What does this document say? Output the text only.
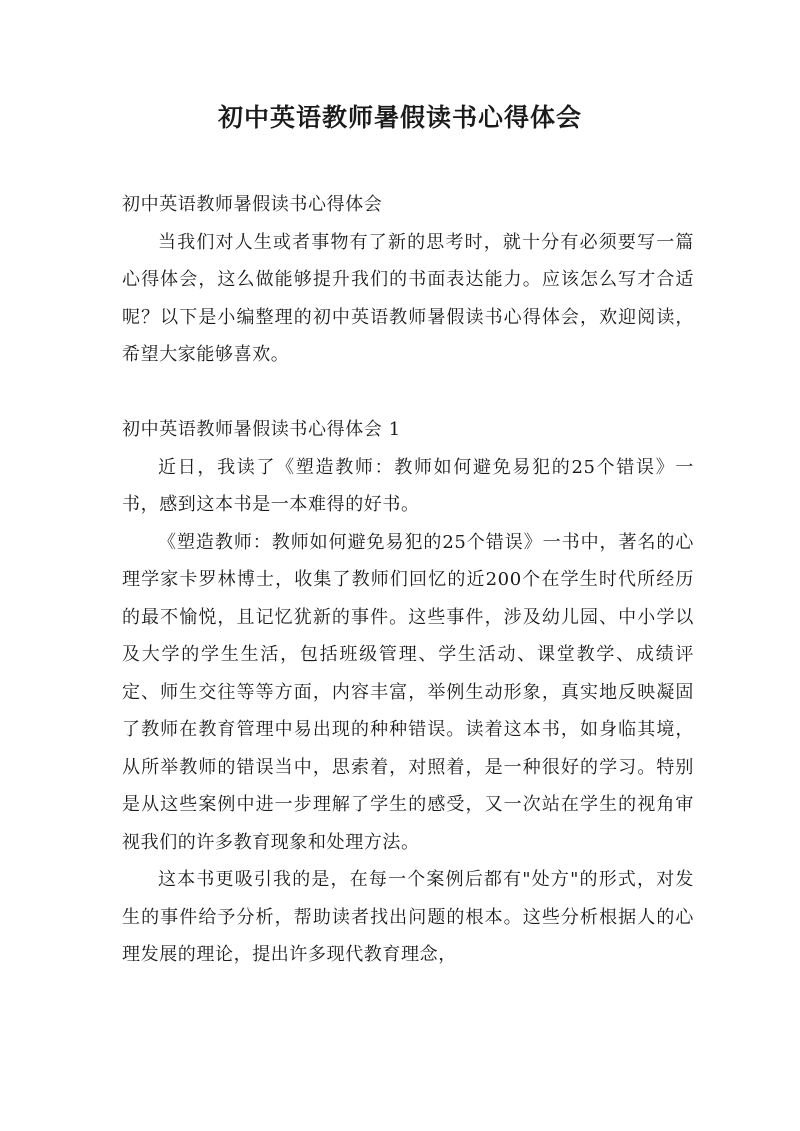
初中英语教师暑假读书心得体会

初中英语教师暑假读书心得体会

当我们对人生或者事物有了新的思考时，就十分有必须要写一篇心得体会，这么做能够提升我们的书面表达能力。应该怎么写才合适呢？以下是小编整理的初中英语教师暑假读书心得体会，欢迎阅读，希望大家能够喜欢。

初中英语教师暑假读书心得体会 1

近日，我读了《塑造教师：教师如何避免易犯的25个错误》一书，感到这本书是一本难得的好书。

《塑造教师：教师如何避免易犯的25个错误》一书中，著名的心理学家卡罗林博士，收集了教师们回忆的近200个在学生时代所经历的最不愉悦，且记忆犹新的事件。这些事件，涉及幼儿园、中小学以及大学的学生生活，包括班级管理、学生活动、课堂教学、成绩评定、师生交往等等方面，内容丰富，举例生动形象，真实地反映凝固了教师在教育管理中易出现的种种错误。读着这本书，如身临其境，从所举教师的错误当中，思索着，对照着，是一种很好的学习。特别是从这些案例中进一步理解了学生的感受，又一次站在学生的视角审视我们的许多教育现象和处理方法。

这本书更吸引我的是，在每一个案例后都有"处方"的形式，对发生的事件给予分析，帮助读者找出问题的根本。这些分析根据人的心理发展的理论，提出许多现代教育理念，
